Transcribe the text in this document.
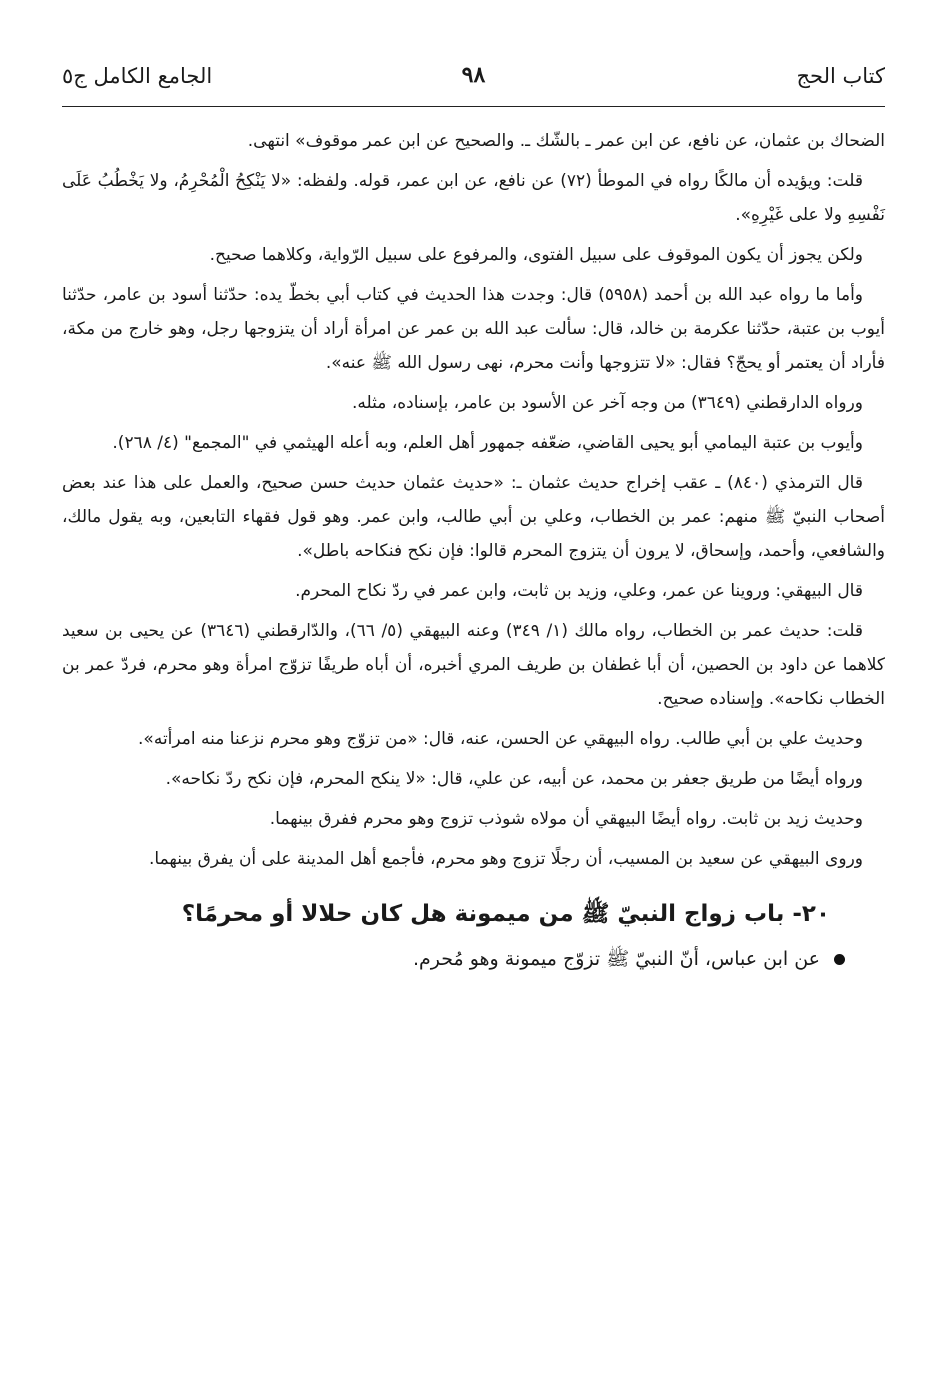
كتاب الحج
٩٨
الجامع الكامل ج٥

الضحاك بن عثمان، عن نافع، عن ابن عمر ـ بالشّك ـ. والصحيح عن ابن عمر موقوف» انتهى.

قلت: ويؤيده أن مالكًا رواه في الموطأ (٧٢) عن نافع، عن ابن عمر، قوله. ولفظه: «لا يَنْكِحُ الْمُحْرِمُ، ولا يَخْطُبُ عَلَى نَفْسِهِ ولا على غَيْرِهِ».

ولكن يجوز أن يكون الموقوف على سبيل الفتوى، والمرفوع على سبيل الرّواية، وكلاهما صحيح.

وأما ما رواه عبد الله بن أحمد (٥٩٥٨) قال: وجدت هذا الحديث في كتاب أبي بخطّ يده: حدّثنا أسود بن عامر، حدّثنا أيوب بن عتبة، حدّثنا عكرمة بن خالد، قال: سألت عبد الله بن عمر عن امرأة أراد أن يتزوجها رجل، وهو خارج من مكة، فأراد أن يعتمر أو يحجّ؟ فقال: «لا تتزوجها وأنت محرم، نهى رسول الله ﷺ عنه».

ورواه الدارقطني (٣٦٤٩) من وجه آخر عن الأسود بن عامر، بإسناده، مثله.

وأيوب بن عتبة اليمامي أبو يحيى القاضي، ضعّفه جمهور أهل العلم، وبه أعله الهيثمي في "المجمع" (٤/ ٢٦٨).

قال الترمذي (٨٤٠) ـ عقب إخراج حديث عثمان ـ: «حديث عثمان حديث حسن صحيح، والعمل على هذا عند بعض أصحاب النبيّ ﷺ منهم: عمر بن الخطاب، وعلي بن أبي طالب، وابن عمر. وهو قول فقهاء التابعين، وبه يقول مالك، والشافعي، وأحمد، وإسحاق، لا يرون أن يتزوج المحرم قالوا: فإن نكح فنكاحه باطل».

قال البيهقي: وروينا عن عمر، وعلي، وزيد بن ثابت، وابن عمر في ردّ نكاح المحرم.

قلت: حديث عمر بن الخطاب، رواه مالك (١/ ٣٤٩) وعنه البيهقي (٥/ ٦٦)، والدّارقطني (٣٦٤٦) عن يحيى بن سعيد كلاهما عن داود بن الحصين، أن أبا غطفان بن طريف المري أخبره، أن أباه طريفًا تزوّج امرأة وهو محرم، فردّ عمر بن الخطاب نكاحه». وإسناده صحيح.

وحديث علي بن أبي طالب. رواه البيهقي عن الحسن، عنه، قال: «من تزوّج وهو محرم نزعنا منه امرأته».

ورواه أيضًا من طريق جعفر بن محمد، عن أبيه، عن علي، قال: «لا ينكح المحرم، فإن نكح ردّ نكاحه».

وحديث زيد بن ثابت. رواه أيضًا البيهقي أن مولاه شوذب تزوج وهو محرم ففرق بينهما.

وروى البيهقي عن سعيد بن المسيب، أن رجلًا تزوج وهو محرم، فأجمع أهل المدينة على أن يفرق بينهما.

٢٠- باب زواج النبيّ ﷺ من ميمونة هل كان حلالا أو محرمًا؟

عن ابن عباس، أنّ النبيّ ﷺ تزوّج ميمونة وهو مُحرم.
